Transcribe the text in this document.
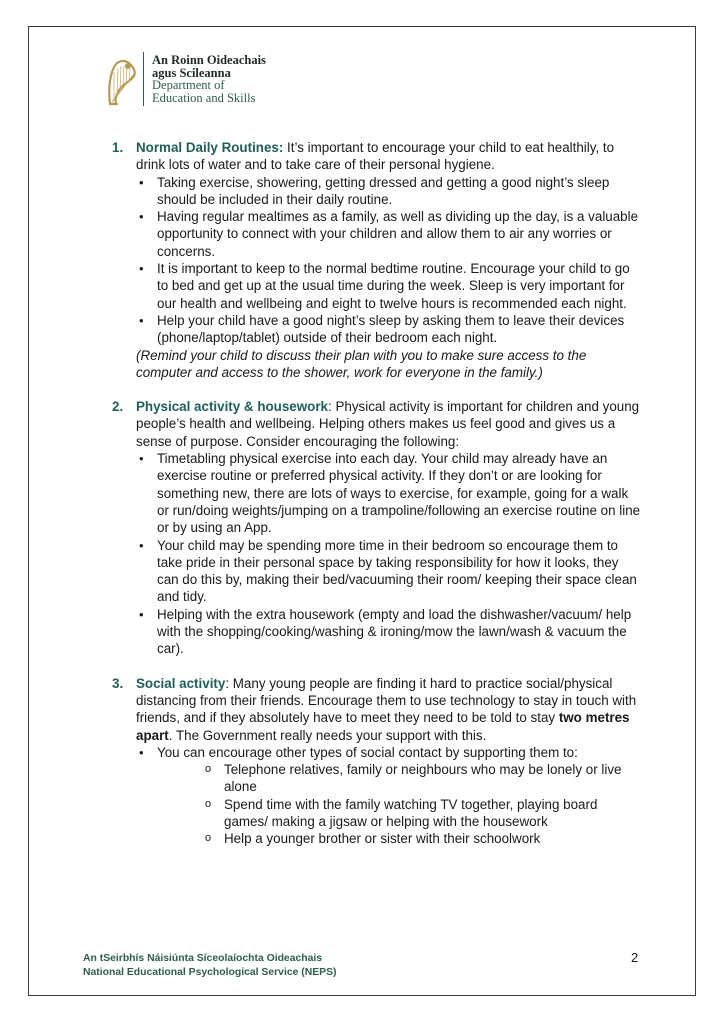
An Roinn Oideachais
agus Scileanna
Department of
Education and Skills
1. Normal Daily Routines: It’s important to encourage your child to eat healthily, to drink lots of water and to take care of their personal hygiene.

• Taking exercise, showering, getting dressed and getting a good night’s sleep should be included in their daily routine.
• Having regular mealtimes as a family, as well as dividing up the day, is a valuable opportunity to connect with your children and allow them to air any worries or concerns.
• It is important to keep to the normal bedtime routine. Encourage your child to go to bed and get up at the usual time during the week. Sleep is very important for our health and wellbeing and eight to twelve hours is recommended each night.
• Help your child have a good night’s sleep by asking them to leave their devices (phone/laptop/tablet) outside of their bedroom each night.

(Remind your child to discuss their plan with you to make sure access to the computer and access to the shower, work for everyone in the family.)

2. Physical activity & housework: Physical activity is important for children and young people’s health and wellbeing. Helping others makes us feel good and gives us a sense of purpose. Consider encouraging the following:

• Timetabling physical exercise into each day. Your child may already have an exercise routine or preferred physical activity. If they don’t or are looking for something new, there are lots of ways to exercise, for example, going for a walk or run/doing weights/jumping on a trampoline/following an exercise routine on line or by using an App.
• Your child may be spending more time in their bedroom so encourage them to take pride in their personal space by taking responsibility for how it looks, they can do this by, making their bed/vacuuming their room/ keeping their space clean and tidy.
• Helping with the extra housework (empty and load the dishwasher/vacuum/ help with the shopping/cooking/washing & ironing/mow the lawn/wash & vacuum the car).
3. Social activity: Many young people are finding it hard to practice social/physical distancing from their friends. Encourage them to use technology to stay in touch with friends, and if they absolutely have to meet they need to be told to stay two metres apart. The Government really needs your support with this.

• You can encourage other types of social contact by supporting them to:
o Telephone relatives, family or neighbours who may be lonely or live alone
o Spend time with the family watching TV together, playing board games/ making a jigsaw or helping with the housework
o Help a younger brother or sister with their schoolwork
An tSeirbhís Náisiúnta Síceolaíochta Oideachais
National Educational Psychological Service (NEPS)
2
